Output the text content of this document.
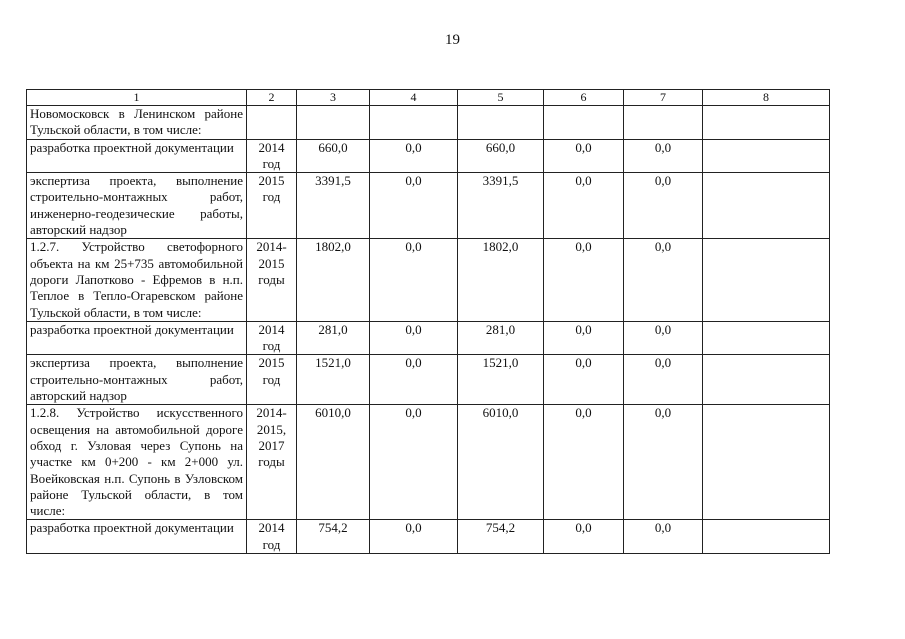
19
1	2	3	4	5	6	7	8
Новомосковск в Ленинском районе Тульской области, в том числе:							
разработка проектной документации	2014 год	660,0	0,0	660,0	0,0	0,0	
экспертиза проекта, выполнение строительно-монтажных работ, инженерно-геодезические работы, авторский надзор	2015 год	3391,5	0,0	3391,5	0,0	0,0	
1.2.7. Устройство светофорного объекта на км 25+735 автомобильной дороги Лапотково - Ефремов в н.п. Теплое в Тепло-Огаревском районе Тульской области, в том числе:	2014-2015 годы	1802,0	0,0	1802,0	0,0	0,0	
разработка проектной документации	2014 год	281,0	0,0	281,0	0,0	0,0	
экспертиза проекта, выполнение строительно-монтажных работ, авторский надзор	2015 год	1521,0	0,0	1521,0	0,0	0,0	
1.2.8. Устройство искусственного освещения на автомобильной дороге обход г. Узловая через Супонь на участке км 0+200 - км 2+000 ул. Воейковская н.п. Супонь в Узловском районе Тульской области, в том числе:	2014-2015, 2017 годы	6010,0	0,0	6010,0	0,0	0,0	
разработка проектной документации	2014 год	754,2	0,0	754,2	0,0	0,0	
